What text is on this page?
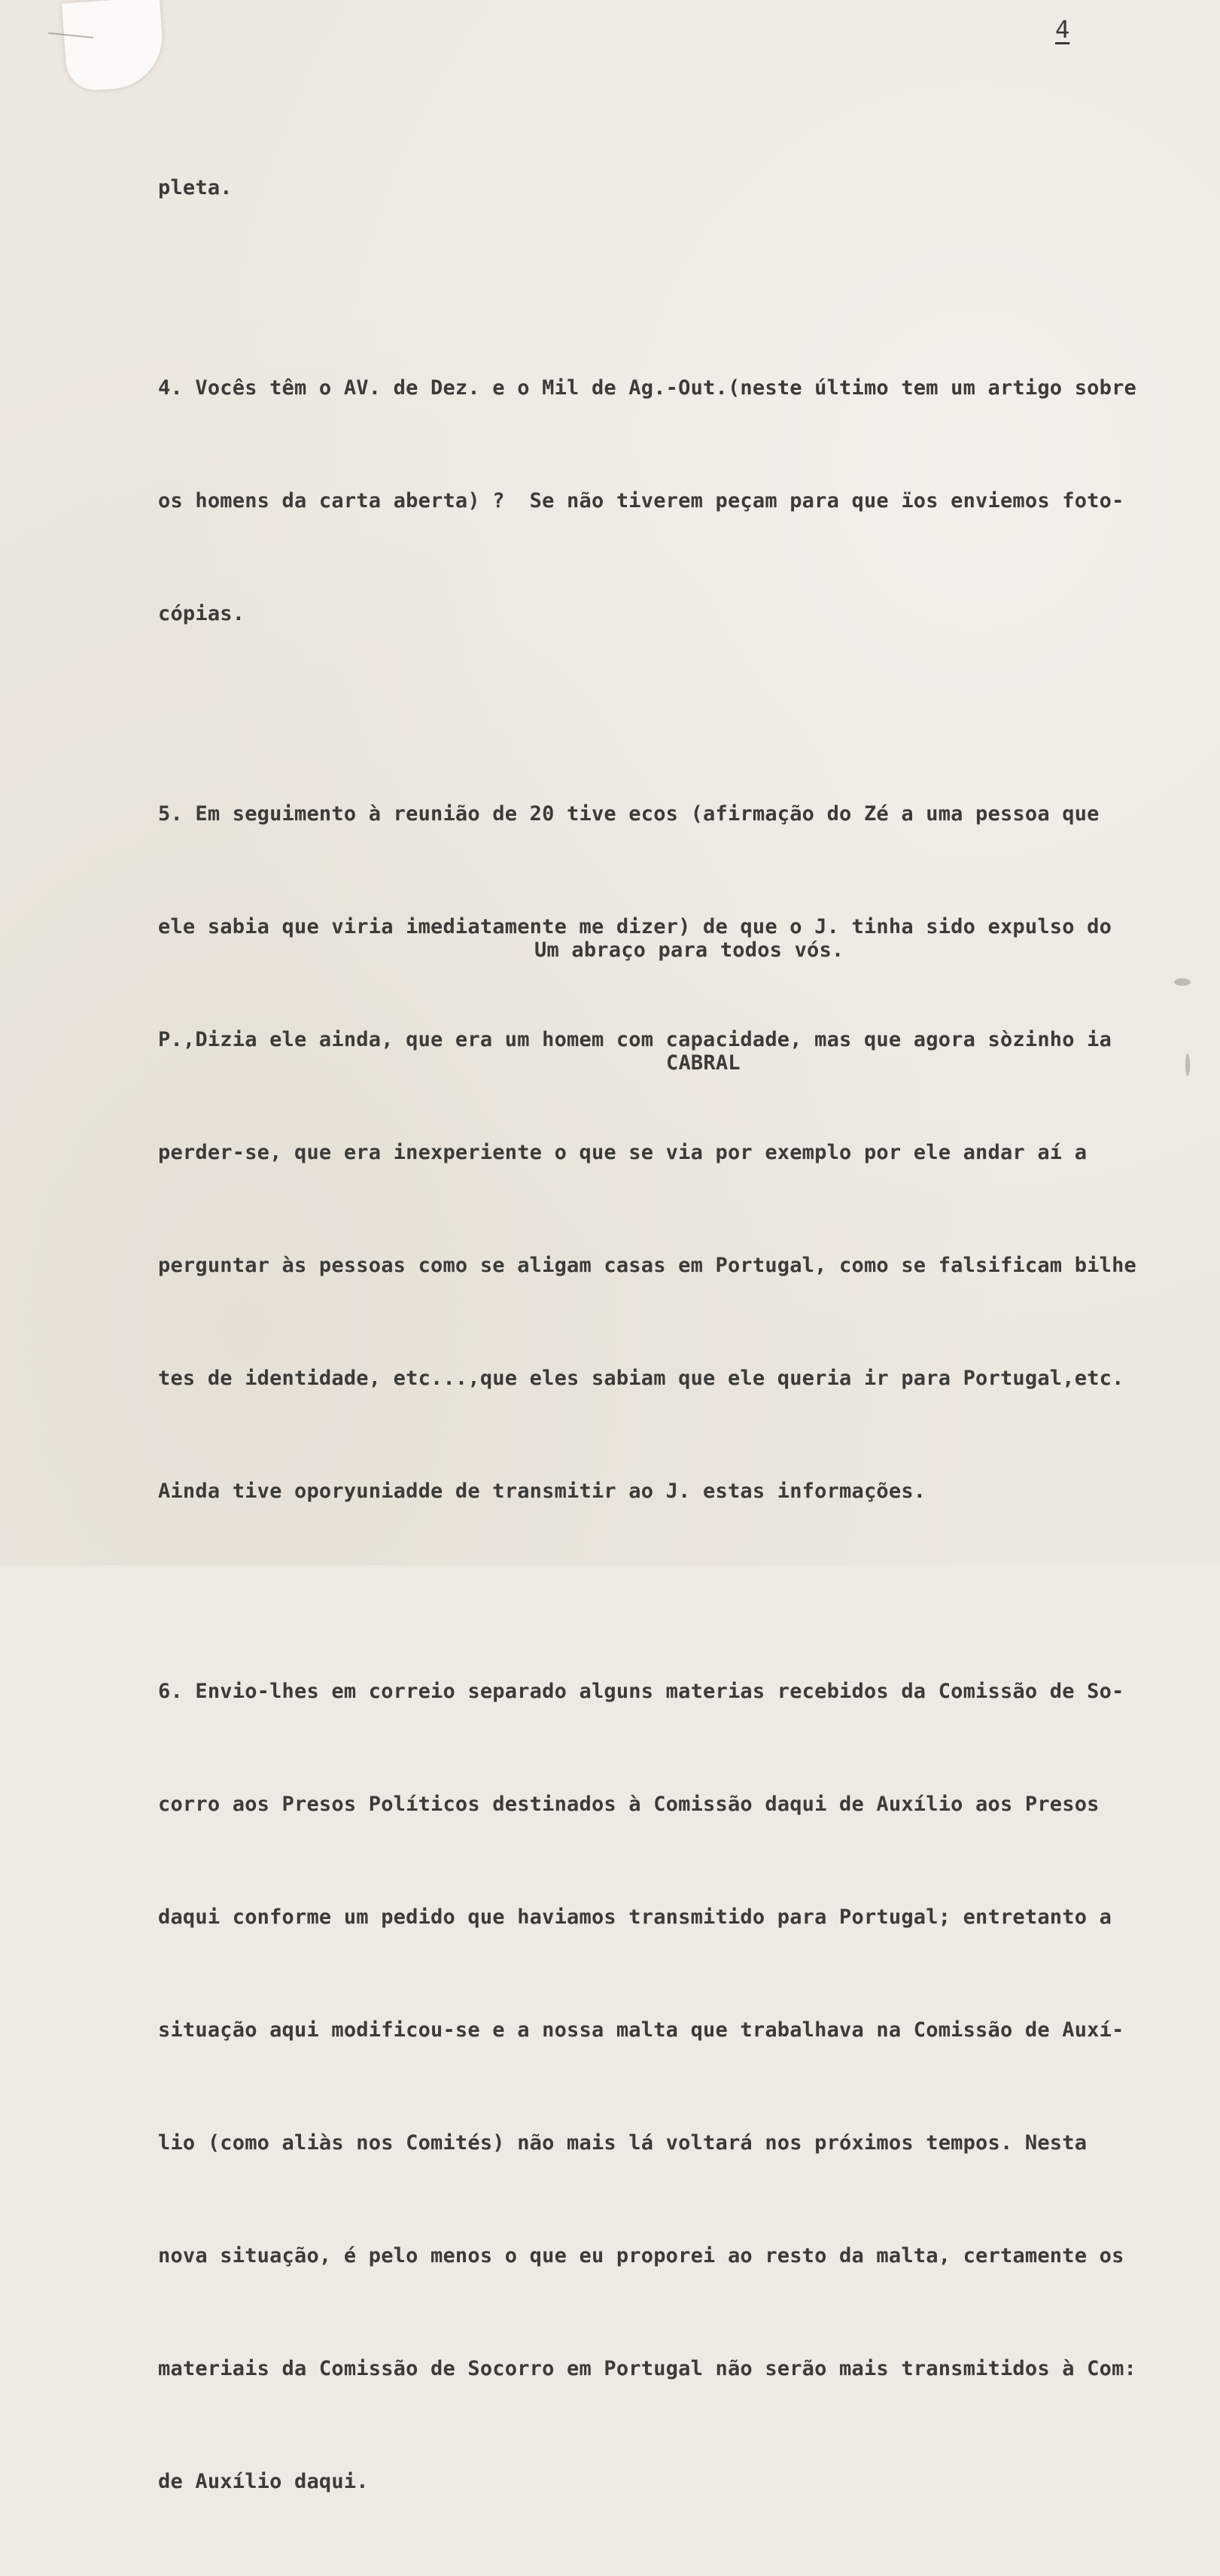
4

pleta.

4. Vocês têm o AV. de Dez. e o Mil de Ag.-Out.(neste último tem um artigo sobre

os homens da carta aberta) ?  Se não tiverem peçam para que ïos enviemos foto-

cópias.

5. Em seguimento à reunião de 20 tive ecos (afirmação do Zé a uma pessoa que

ele sabia que viria imediatamente me dizer) de que o J. tinha sido expulso do

P.,Dizia ele ainda, que era um homem com capacidade, mas que agora sòzinho ia

perder-se, que era inexperiente o que se via por exemplo por ele andar aí a

perguntar às pessoas como se aligam casas em Portugal, como se falsificam bilhe

tes de identidade, etc...,que eles sabiam que ele queria ir para Portugal,etc.

Ainda tive oporyuniadde de transmitir ao J. estas informações.

6. Envio-lhes em correio separado alguns materias recebidos da Comissão de So-

corro aos Presos Políticos destinados à Comissão daqui de Auxílio aos Presos

daqui conforme um pedido que haviamos transmitido para Portugal; entretanto a

situação aqui modificou-se e a nossa malta que trabalhava na Comissão de Auxí-

lio (como aliàs nos Comités) não mais lá voltará nos próximos tempos. Nesta

nova situação, é pelo menos o que eu proporei ao resto da malta, certamente os

materiais da Comissão de Socorro em Portugal não serão mais transmitidos à Com:

de Auxílio daqui.

Um abraço para todos vós.

CABRAL
